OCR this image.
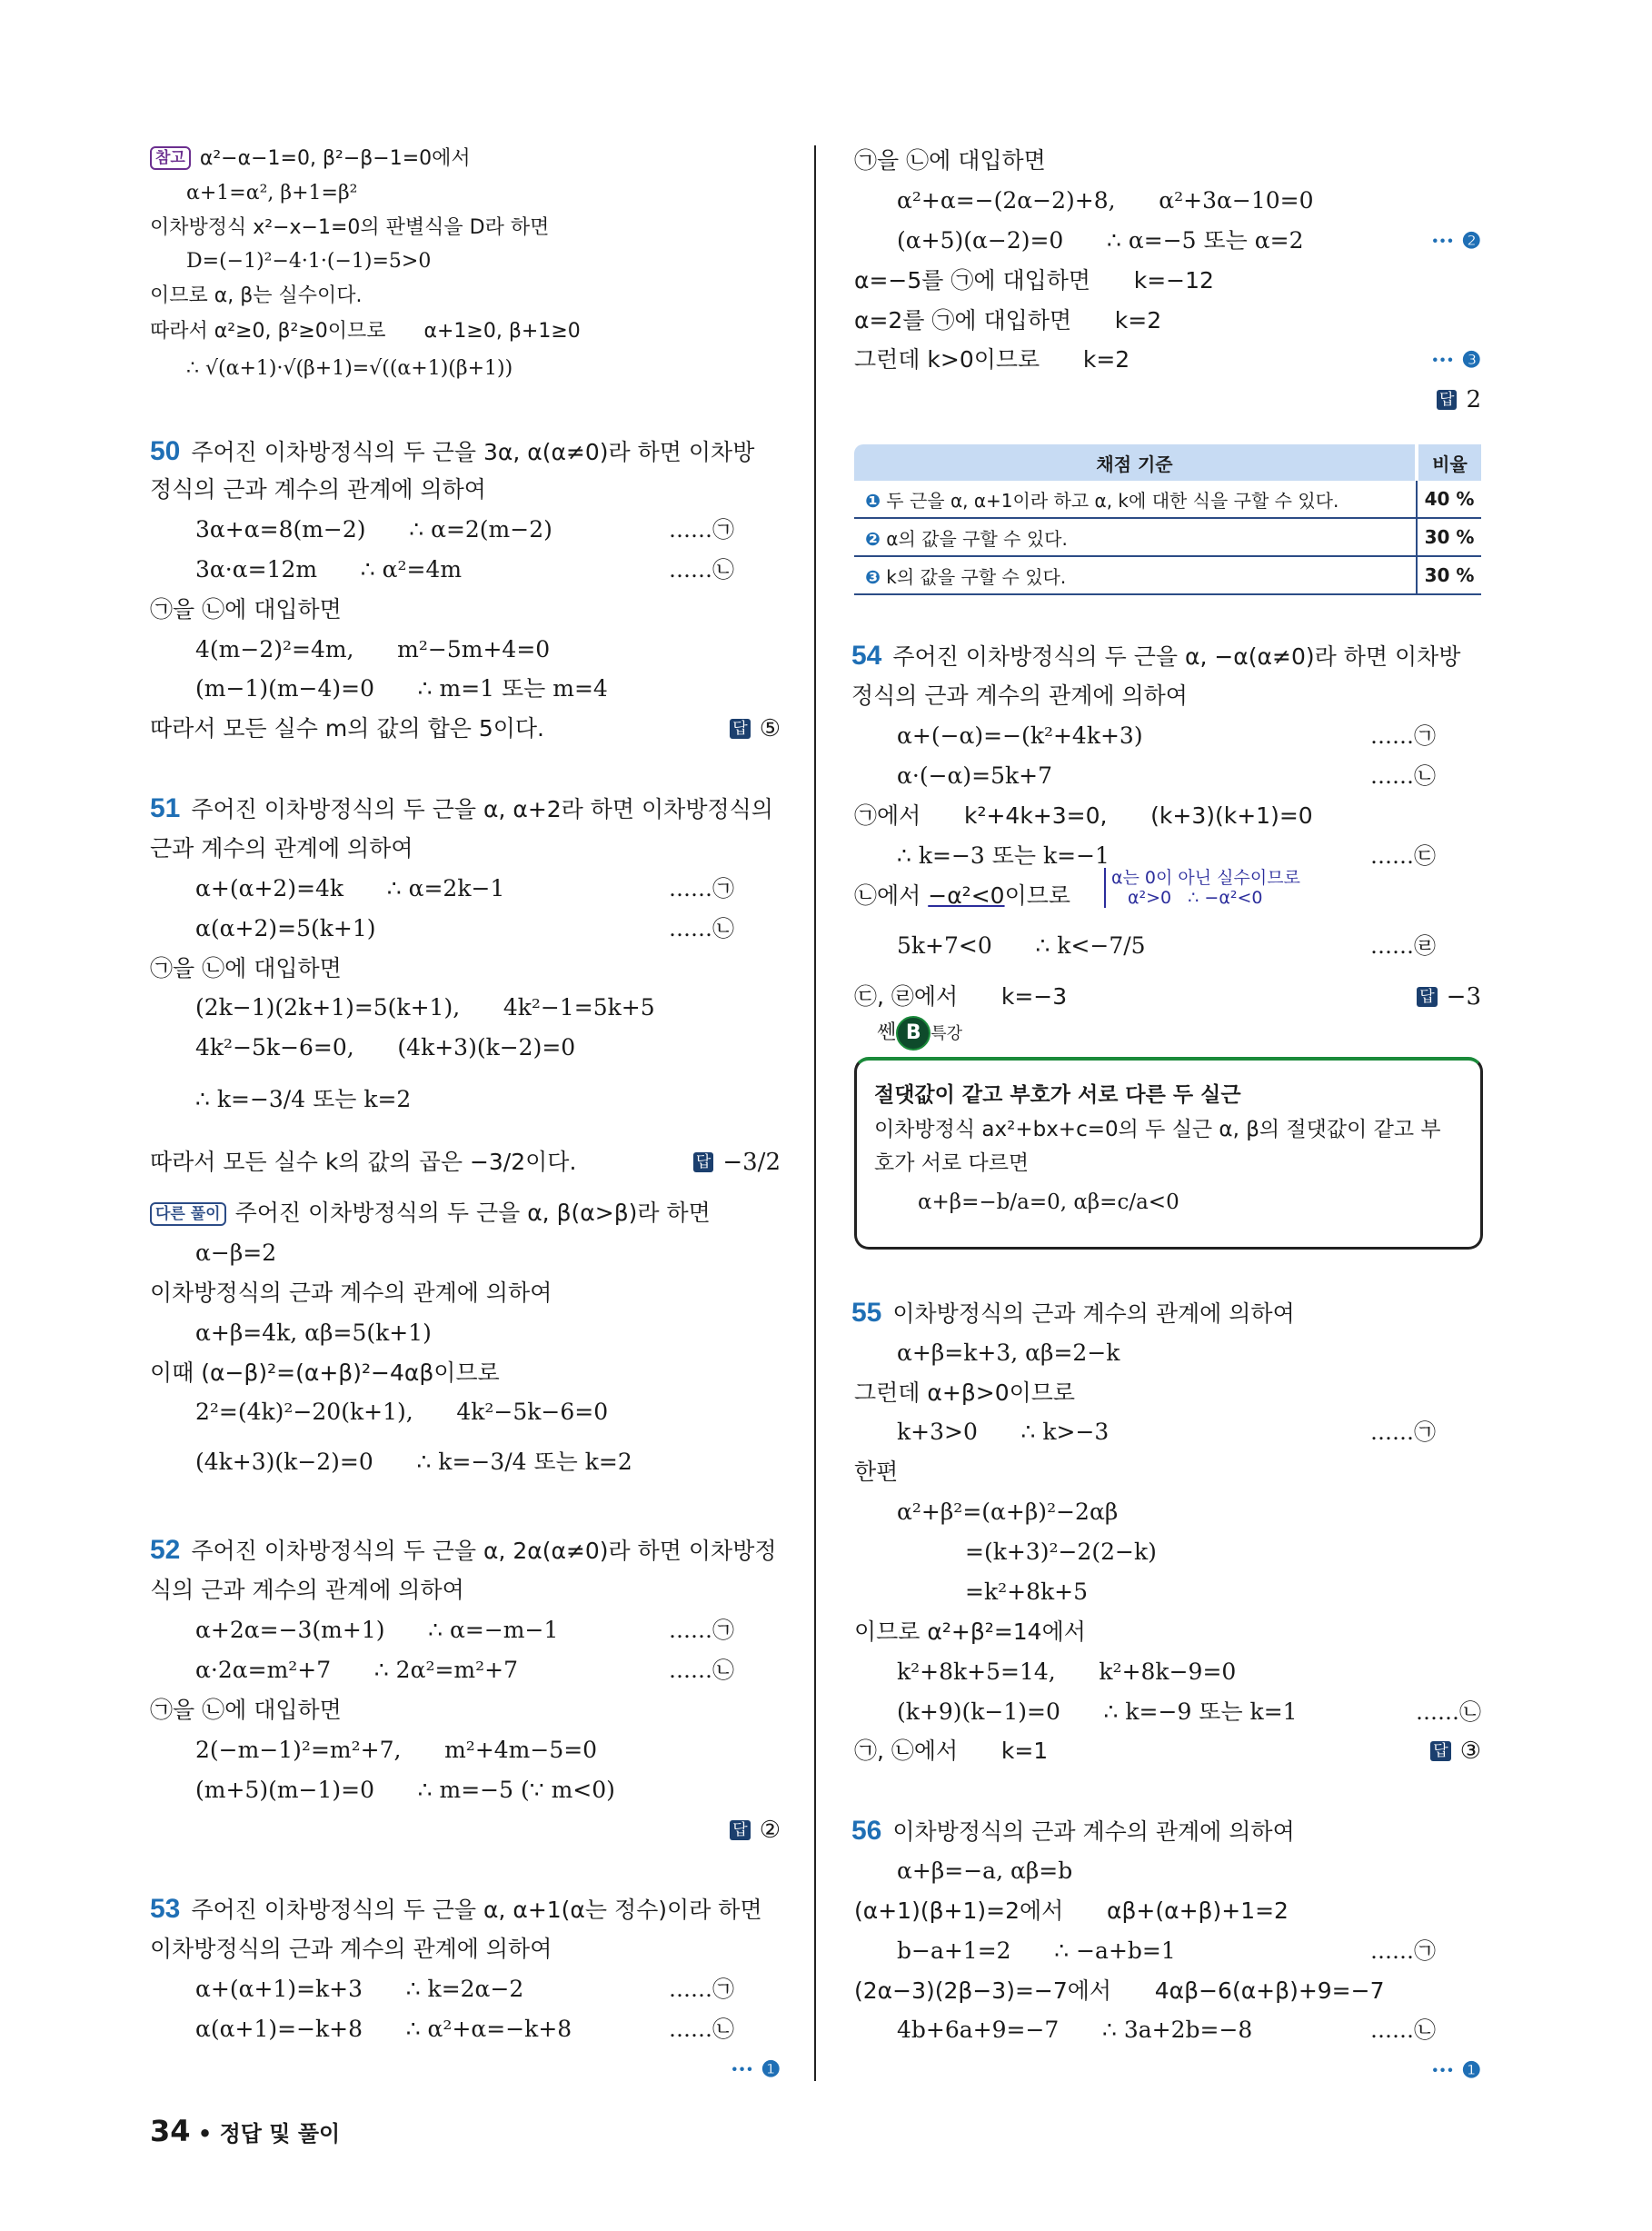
참고 α²−α−1=0, β²−β−1=0에서
α+1=α², β+1=β²
이차방정식 x²−x−1=0의 판별식을 D라 하면
D=(−1)²−4·1·(−1)=5>0
이므로 α, β는 실수이다.
따라서 α²≥0, β²≥0이므로      α+1≥0, β+1≥0
∴ √(α+1)·√(β+1)=√((α+1)(β+1))
50 주어진 이차방정식의 두 근을 3α, α(α≠0)라 하면 이차방
정식의 근과 계수의 관계에 의하여
3α+α=8(m−2)      ∴ α=2(m−2)	……㉠
3α·α=12m      ∴ α²=4m	……㉡
㉠을 ㉡에 대입하면
4(m−2)²=4m,      m²−5m+4=0
(m−1)(m−4)=0      ∴ m=1 또는 m=4
따라서 모든 실수 m의 값의 합은 5이다.	답 ⑤
51 주어진 이차방정식의 두 근을 α, α+2라 하면 이차방정식의
근과 계수의 관계에 의하여
α+(α+2)=4k      ∴ α=2k−1	……㉠
α(α+2)=5(k+1)	……㉡
㉠을 ㉡에 대입하면
(2k−1)(2k+1)=5(k+1),      4k²−1=5k+5
4k²−5k−6=0,      (4k+3)(k−2)=0
∴ k=−3/4 또는 k=2
따라서 모든 실수 k의 값의 곱은 −3/2이다.	답 −3/2
다른 풀이 주어진 이차방정식의 두 근을 α, β(α>β)라 하면
α−β=2
이차방정식의 근과 계수의 관계에 의하여
α+β=4k, αβ=5(k+1)
이때 (α−β)²=(α+β)²−4αβ이므로
2²=(4k)²−20(k+1),      4k²−5k−6=0
(4k+3)(k−2)=0      ∴ k=−3/4 또는 k=2
52 주어진 이차방정식의 두 근을 α, 2α(α≠0)라 하면 이차방정
식의 근과 계수의 관계에 의하여
α+2α=−3(m+1)      ∴ α=−m−1	……㉠
α·2α=m²+7      ∴ 2α²=m²+7	……㉡
㉠을 ㉡에 대입하면
2(−m−1)²=m²+7,      m²+4m−5=0
(m+5)(m−1)=0      ∴ m=−5 (∵ m<0)
답 ②
53 주어진 이차방정식의 두 근을 α, α+1(α는 정수)이라 하면
이차방정식의 근과 계수의 관계에 의하여
α+(α+1)=k+3      ∴ k=2α−2	……㉠
α(α+1)=−k+8      ∴ α²+α=−k+8	……㉡
··· ❶
34 • 정답 및 풀이
㉠을 ㉡에 대입하면
α²+α=−(2α−2)+8,      α²+3α−10=0
(α+5)(α−2)=0      ∴ α=−5 또는 α=2	··· ❷
α=−5를 ㉠에 대입하면      k=−12
α=2를 ㉠에 대입하면      k=2
그런데 k>0이므로      k=2	··· ❸
답 2
채점 기준	비율
❶ 두 근을 α, α+1이라 하고 α, k에 대한 식을 구할 수 있다.	40 %
❷ α의 값을 구할 수 있다.	30 %
❸ k의 값을 구할 수 있다.	30 %
54 주어진 이차방정식의 두 근을 α, −α(α≠0)라 하면 이차방
정식의 근과 계수의 관계에 의하여
α+(−α)=−(k²+4k+3)	……㉠
α·(−α)=5k+7	……㉡
㉠에서      k²+4k+3=0,      (k+3)(k+1)=0
∴ k=−3 또는 k=−1	……㉢
㉡에서 −α²<0이므로
α는 0이 아닌 실수이므로
α²>0   ∴ −α²<0
5k+7<0      ∴ k<−7/5	……㉣
㉢, ㉣에서      k=−3	답 −3
쎈 B 특강
절댓값이 같고 부호가 서로 다른 두 실근
이차방정식 ax²+bx+c=0의 두 실근 α, β의 절댓값이 같고 부
호가 서로 다르면
α+β=−b/a=0, αβ=c/a<0
55 이차방정식의 근과 계수의 관계에 의하여
α+β=k+3, αβ=2−k
그런데 α+β>0이므로
k+3>0      ∴ k>−3	……㉠
한편
α²+β²=(α+β)²−2αβ
=(k+3)²−2(2−k)
=k²+8k+5
이므로 α²+β²=14에서
k²+8k+5=14,      k²+8k−9=0
(k+9)(k−1)=0      ∴ k=−9 또는 k=1	……㉡
㉠, ㉡에서      k=1	답 ③
56 이차방정식의 근과 계수의 관계에 의하여
α+β=−a, αβ=b
(α+1)(β+1)=2에서      αβ+(α+β)+1=2
b−a+1=2      ∴ −a+b=1	……㉠
(2α−3)(2β−3)=−7에서      4αβ−6(α+β)+9=−7
4b+6a+9=−7      ∴ 3a+2b=−8	……㉡
··· ❶
